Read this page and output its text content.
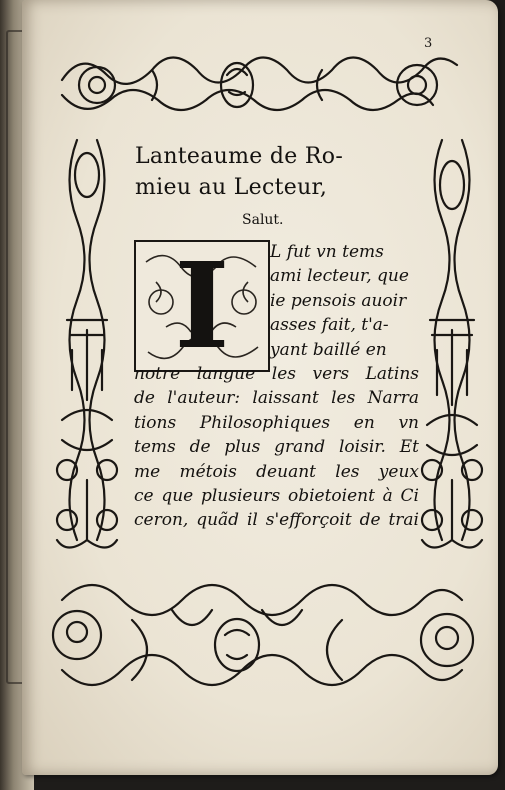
3
Lanteaume de Ro-
mieu au Lecteur,
Salut.
I	L fut vn tems
ami lecteur, que
ie pensois auoir
asses fait, t'a-
yant baillé en
notre langue les vers Latins
de l'auteur: laissant les Narra
tions Philosophiques en vn
tems de plus grand loisir. Et
me métois deuant les yeux
ce que plusieurs obietoient à Ci
ceron, quãd il s'efforçoit de trai
